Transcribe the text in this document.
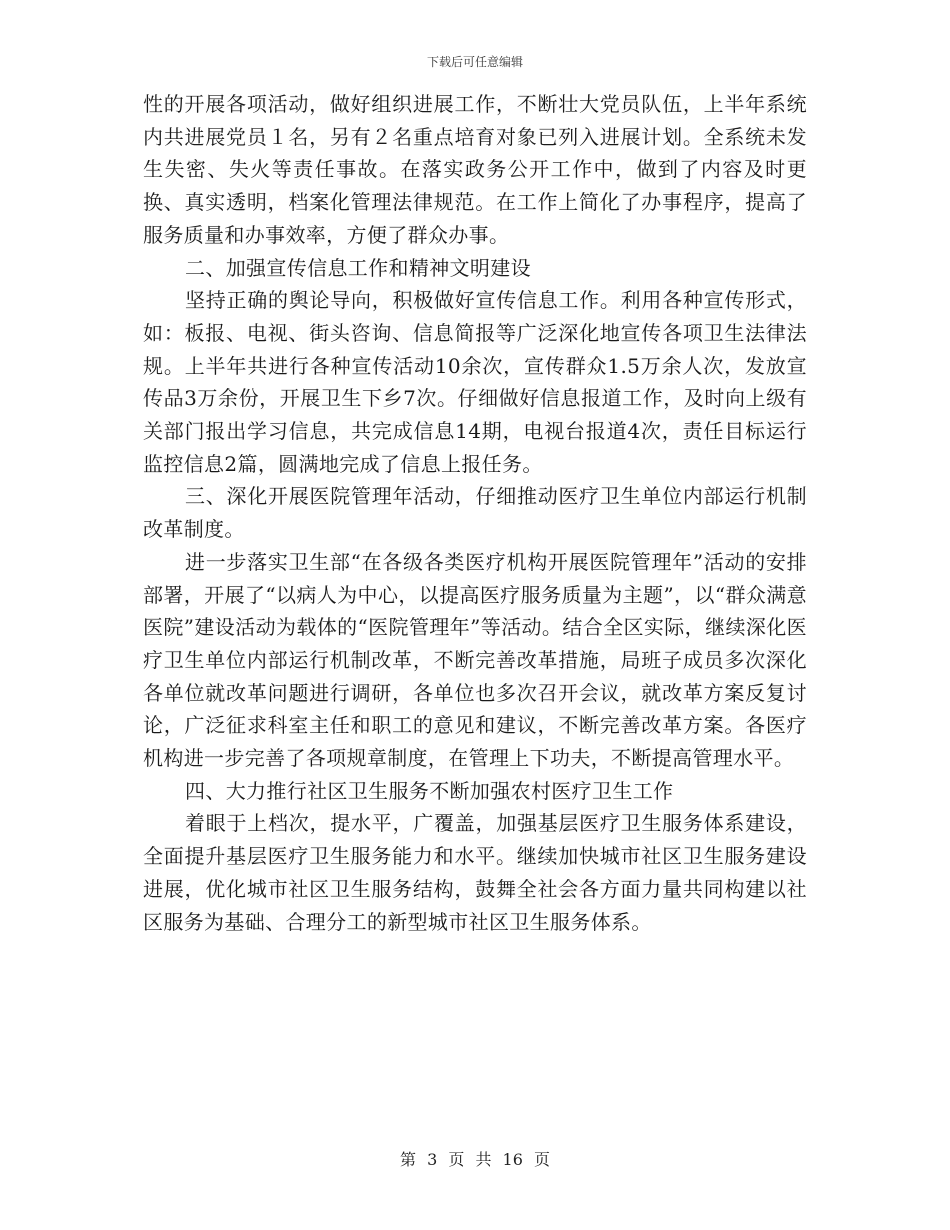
下载后可任意编辑

性的开展各项活动，做好组织进展工作，不断壮大党员队伍，上半年系统内共进展党员１名，另有２名重点培育对象已列入进展计划。全系统未发生失密、失火等责任事故。在落实政务公开工作中，做到了内容及时更换、真实透明，档案化管理法律规范。在工作上简化了办事程序，提高了服务质量和办事效率，方便了群众办事。

二、加强宣传信息工作和精神文明建设

坚持正确的舆论导向，积极做好宣传信息工作。利用各种宣传形式，如：板报、电视、街头咨询、信息简报等广泛深化地宣传各项卫生法律法规。上半年共进行各种宣传活动10余次，宣传群众1.5万余人次，发放宣传品3万余份，开展卫生下乡7次。仔细做好信息报道工作，及时向上级有关部门报出学习信息，共完成信息14期，电视台报道4次，责任目标运行监控信息2篇，圆满地完成了信息上报任务。

三、深化开展医院管理年活动，仔细推动医疗卫生单位内部运行机制改革制度。

进一步落实卫生部“在各级各类医疗机构开展医院管理年”活动的安排部署，开展了“以病人为中心，以提高医疗服务质量为主题”，以“群众满意医院”建设活动为载体的“医院管理年”等活动。结合全区实际，继续深化医疗卫生单位内部运行机制改革，不断完善改革措施，局班子成员多次深化各单位就改革问题进行调研，各单位也多次召开会议，就改革方案反复讨论，广泛征求科室主任和职工的意见和建议，不断完善改革方案。各医疗机构进一步完善了各项规章制度，在管理上下功夫，不断提高管理水平。

四、大力推行社区卫生服务不断加强农村医疗卫生工作

着眼于上档次，提水平，广覆盖，加强基层医疗卫生服务体系建设，全面提升基层医疗卫生服务能力和水平。继续加快城市社区卫生服务建设进展，优化城市社区卫生服务结构，鼓舞全社会各方面力量共同构建以社区服务为基础、合理分工的新型城市社区卫生服务体系。

第 3 页 共 16 页
